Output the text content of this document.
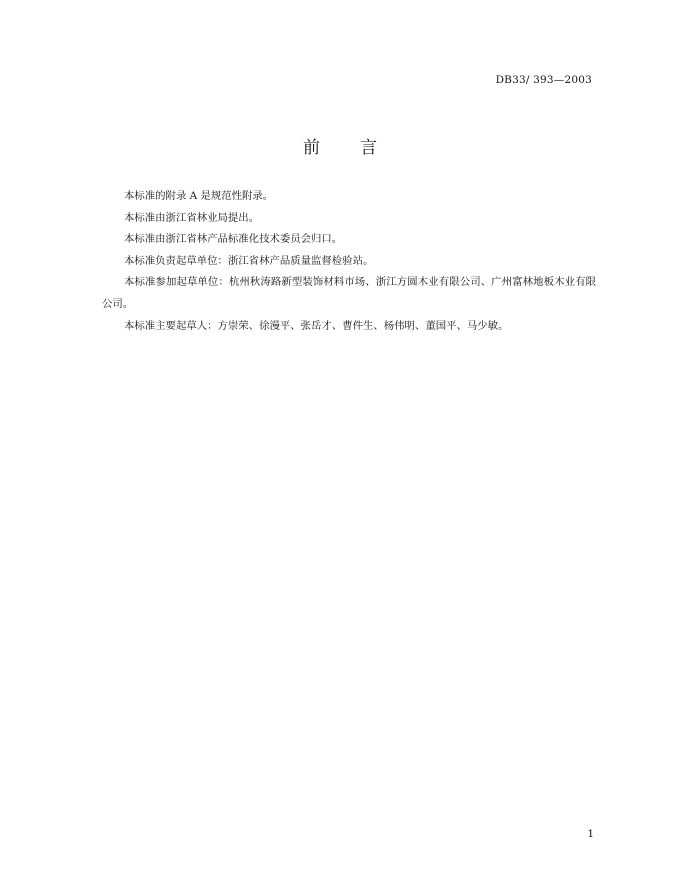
DB33/ 393—2003
前 言

本标准的附录 A 是规范性附录。

本标准由浙江省林业局提出。

本标准由浙江省林产品标准化技术委员会归口。

本标准负责起草单位：浙江省林产品质量监督检验站。

本标准参加起草单位：杭州秋涛路新型装饰材料市场、浙江方圆木业有限公司、广州富林地板木业有限公司。

本标准主要起草人：方崇荣、徐漫平、张岳才、曹件生、杨伟明、董国平、马少敏。

1
